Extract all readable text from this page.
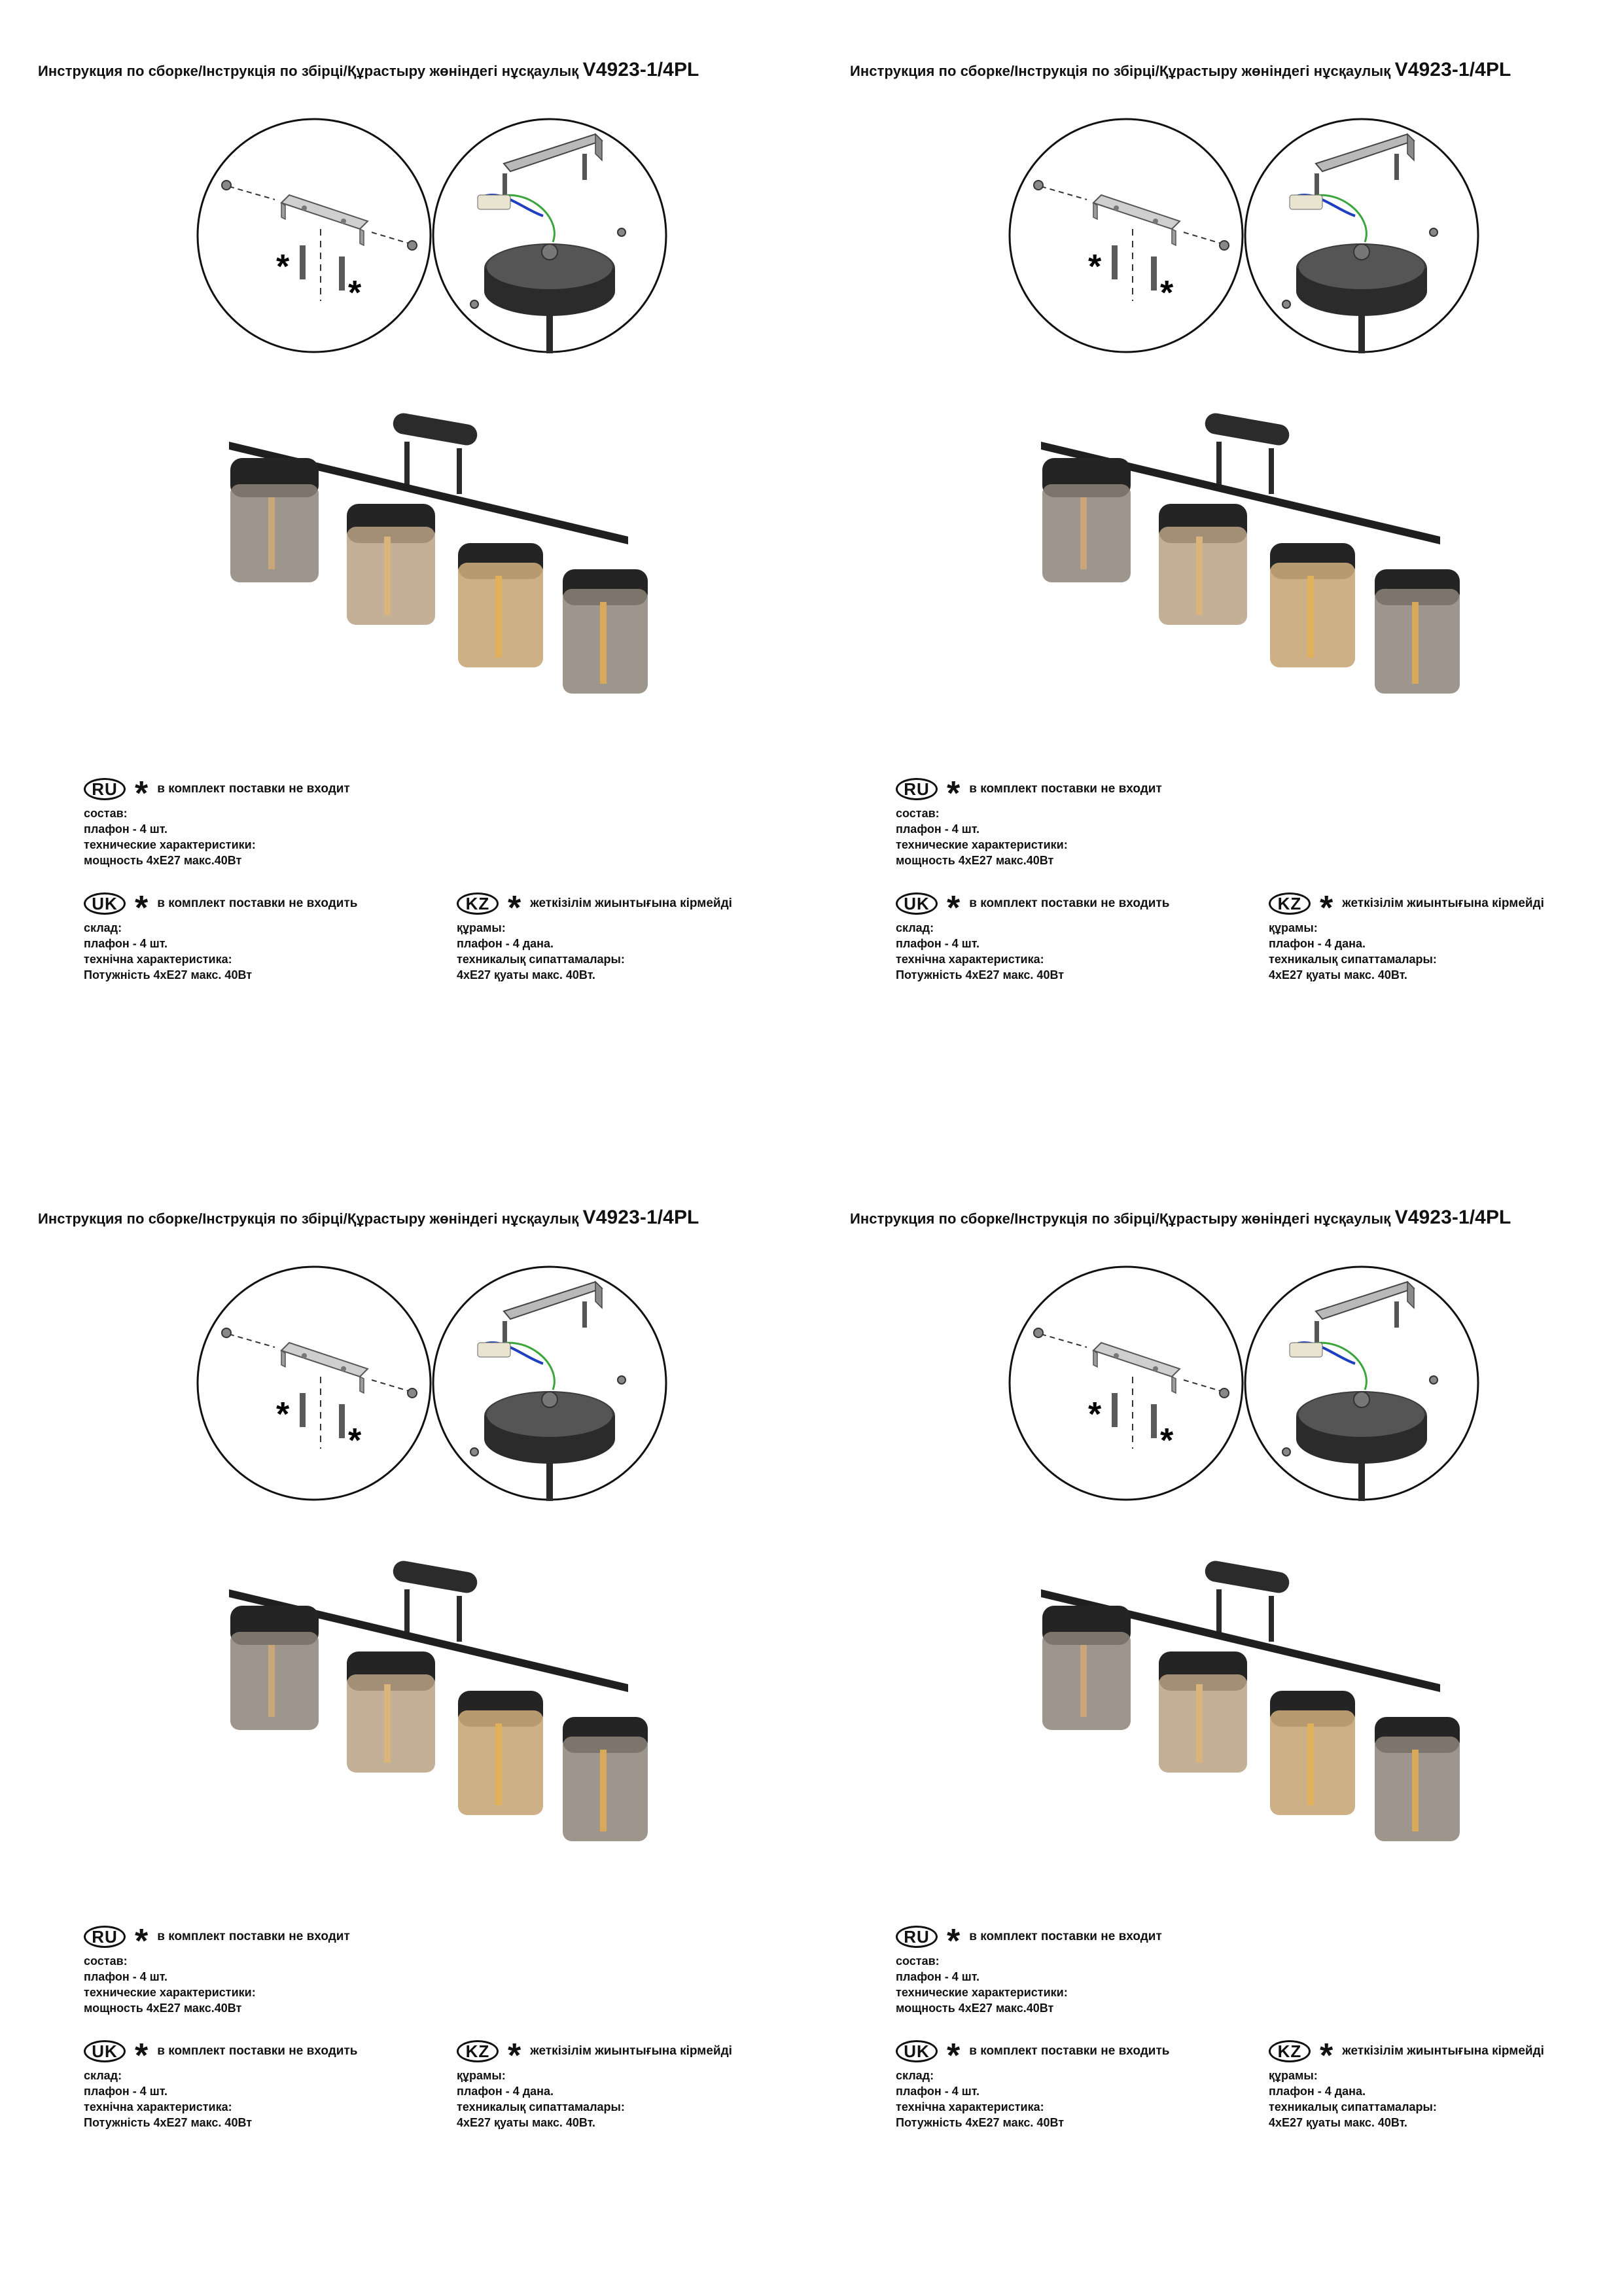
Инструкция по сборке/Інструкція по збірці/Құрастыру жөніндегі нұсқаулық V4923-1/4PL
*
*
RU * в комплект поставки не входит
состав:
плафон - 4 шт.
технические характеристики:
мощность 4хЕ27 макс.40Вт
UK * в комплект поставки не входить
склад:
плафон - 4 шт.
технічна характеристика:
Потужність 4хЕ27 макс. 40Вт
KZ * жеткізілім жиынтығына кірмейді
құрамы:
плафон - 4 дана.
техникалық сипаттамалары:
4хЕ27 қуаты макс. 40Вт.
Инструкция по сборке/Інструкція по збірці/Құрастыру жөніндегі нұсқаулық V4923-1/4PL
*
*
RU * в комплект поставки не входит
состав:
плафон - 4 шт.
технические характеристики:
мощность 4хЕ27 макс.40Вт
UK * в комплект поставки не входить
склад:
плафон - 4 шт.
технічна характеристика:
Потужність 4хЕ27 макс. 40Вт
KZ * жеткізілім жиынтығына кірмейді
құрамы:
плафон - 4 дана.
техникалық сипаттамалары:
4хЕ27 қуаты макс. 40Вт.
Инструкция по сборке/Інструкція по збірці/Құрастыру жөніндегі нұсқаулық V4923-1/4PL
*
*
RU * в комплект поставки не входит
состав:
плафон - 4 шт.
технические характеристики:
мощность 4хЕ27 макс.40Вт
UK * в комплект поставки не входить
склад:
плафон - 4 шт.
технічна характеристика:
Потужність 4хЕ27 макс. 40Вт
KZ * жеткізілім жиынтығына кірмейді
құрамы:
плафон - 4 дана.
техникалық сипаттамалары:
4хЕ27 қуаты макс. 40Вт.
Инструкция по сборке/Інструкція по збірці/Құрастыру жөніндегі нұсқаулық V4923-1/4PL
*
*
RU * в комплект поставки не входит
состав:
плафон - 4 шт.
технические характеристики:
мощность 4хЕ27 макс.40Вт
UK * в комплект поставки не входить
склад:
плафон - 4 шт.
технічна характеристика:
Потужність 4хЕ27 макс. 40Вт
KZ * жеткізілім жиынтығына кірмейді
құрамы:
плафон - 4 дана.
техникалық сипаттамалары:
4хЕ27 қуаты макс. 40Вт.
